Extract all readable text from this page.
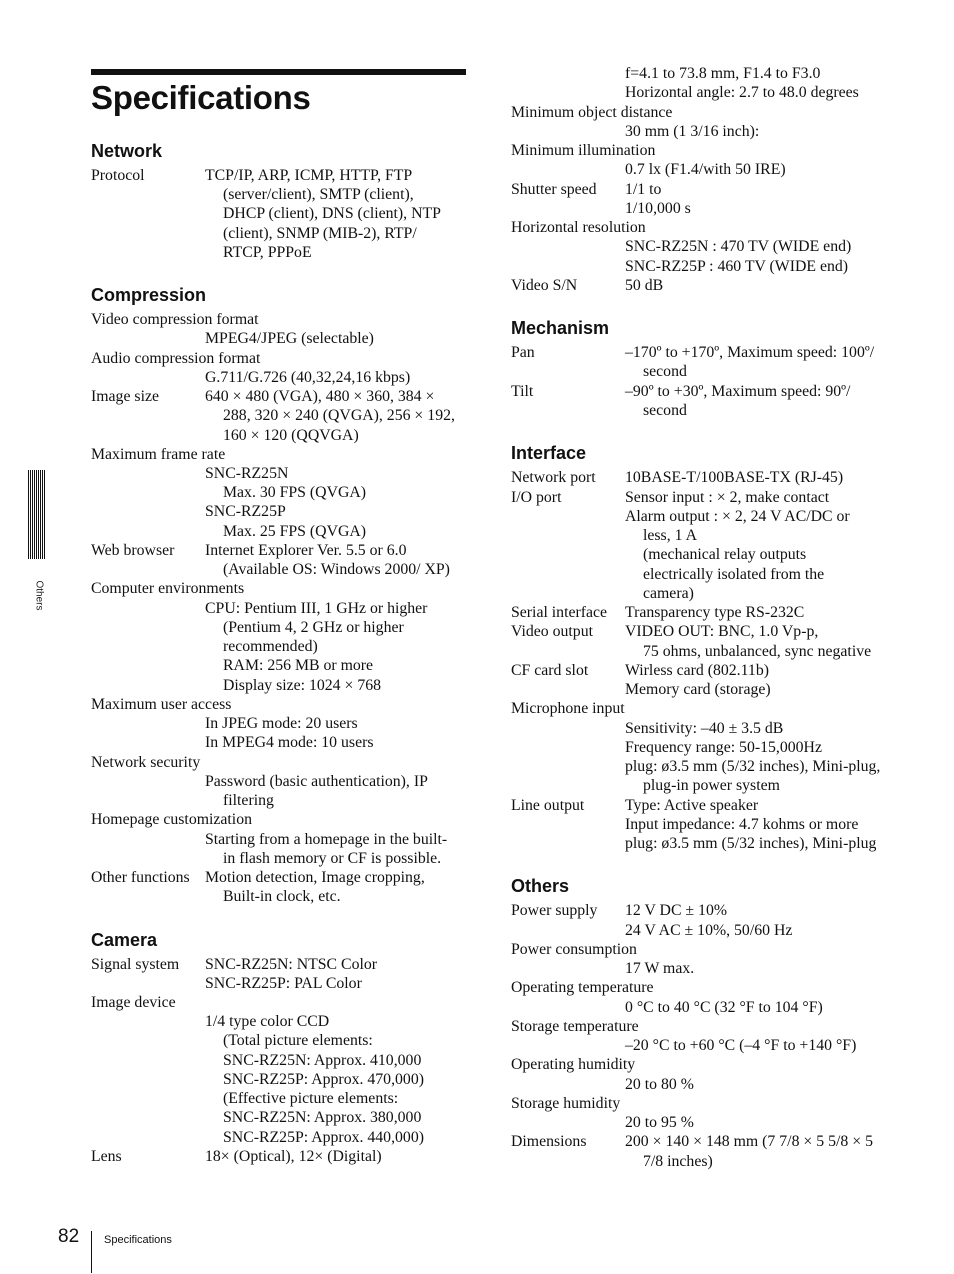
Specifications
Network
Protocol	TCP/IP, ARP, ICMP, HTTP, FTP
(server/client), SMTP (client),
DHCP (client), DNS (client), NTP
(client), SNMP (MIB-2), RTP/
RTCP, PPPoE
Compression
Video compression format
MPEG4/JPEG (selectable)
Audio compression format
G.711/G.726 (40,32,24,16 kbps)
Image size	640 × 480 (VGA), 480 × 360, 384 ×
288, 320 × 240 (QVGA), 256 × 192,
160 × 120 (QQVGA)
Maximum frame rate
SNC-RZ25N
Max. 30 FPS (QVGA)
SNC-RZ25P
Max. 25 FPS (QVGA)
Web browser Internet Explorer Ver. 5.5 or 6.0
(Available OS: Windows 2000/ XP)
Computer environments
CPU: Pentium III, 1 GHz or higher
(Pentium 4, 2 GHz or higher
recommended)
RAM: 256 MB or more
Display size: 1024 × 768
Maximum user access
In JPEG mode: 20 users
In MPEG4 mode: 10 users
Network security
Password (basic authentication), IP
filtering
Homepage customization
Starting from a homepage in the built-
in flash memory or CF is possible.
Other functions Motion detection, Image cropping,
Built-in clock, etc.
Camera
Signal system SNC-RZ25N: NTSC Color
SNC-RZ25P: PAL Color
Image device
1/4 type color CCD
(Total picture elements:
SNC-RZ25N: Approx. 410,000
SNC-RZ25P: Approx. 470,000)
(Effective picture elements:
SNC-RZ25N: Approx. 380,000
SNC-RZ25P: Approx. 440,000)
Lens	18× (Optical), 12× (Digital)
f=4.1 to 73.8 mm, F1.4 to F3.0
Horizontal angle: 2.7 to 48.0 degrees
Minimum object distance
30 mm (1 3/16 inch):
Minimum illumination
0.7 lx (F1.4/with 50 IRE)
Shutter speed 1/1 to
1/10,000 s
Horizontal resolution
SNC-RZ25N : 470 TV (WIDE end)
SNC-RZ25P : 460 TV (WIDE end)
Video S/N	50 dB
Mechanism
Pan	–170º to +170º, Maximum speed: 100º/
second
Tilt	–90º to +30º, Maximum speed: 90º/
second
Interface
Network port 10BASE-T/100BASE-TX (RJ-45)
I/O port	Sensor input : × 2, make contact
Alarm output : × 2, 24 V AC/DC or
less, 1 A
(mechanical relay outputs
electrically isolated from the
camera)
Serial interface Transparency type RS-232C
Video output VIDEO OUT: BNC, 1.0 Vp-p,
75 ohms, unbalanced, sync negative
CF card slot Wirless card (802.11b)
Memory card (storage)
Microphone input
Sensitivity: –40 ± 3.5 dB
Frequency range: 50-15,000Hz
plug: ø3.5 mm (5/32 inches), Mini-plug,
plug-in power system
Line output	Type: Active speaker
Input impedance: 4.7 kohms or more
plug: ø3.5 mm (5/32 inches), Mini-plug
Others
Power supply 12 V DC ± 10%
24 V AC ± 10%, 50/60 Hz
Power consumption
17 W max.
Operating temperature
0 °C to 40 °C (32 °F to 104 °F)
Storage temperature
–20 °C to +60 °C (–4 °F to +140 °F)
Operating humidity
20 to 80 %
Storage humidity
20 to 95 %
Dimensions 200 × 140 × 148 mm (7 7/8 × 5 5/8 × 5
7/8 inches)
Others
82 Specifications
